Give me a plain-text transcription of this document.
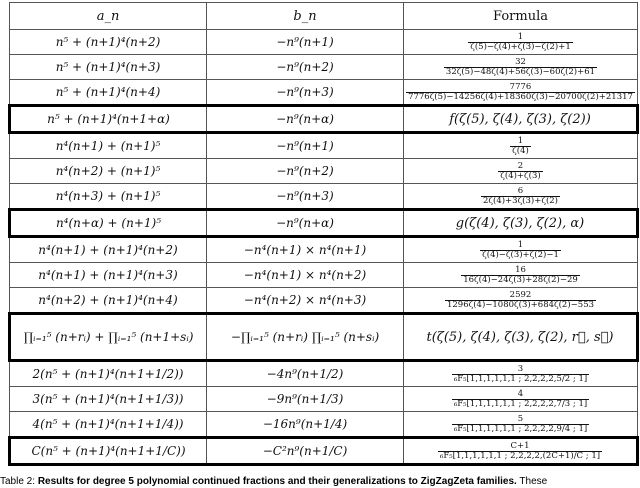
a_n	b_n	Formula
n⁵ + (n+1)⁴(n+2)	−n⁹(n+1)	$\frac{1}{\zeta(5)-\zeta(4)+\zeta(3)-\zeta(2)+1}$

n⁵ + (n+1)⁴(n+3)	−n⁹(n+2)	$\frac{32}{32\zeta(5)-48\zeta(4)+56\zeta(3)-60\zeta(2)+61}$

n⁵ + (n+1)⁴(n+4)	−n⁹(n+3)	$\frac{7776}{7776\zeta(5)-14256\zeta(4)+18360\zeta(3)-20700\zeta(2)+21317}$

n⁵ + (n+1)⁴(n+1+α)	−n⁹(n+α)	f(ζ(5), ζ(4), ζ(3), ζ(2))
n⁴(n+1) + (n+1)⁵	−n⁹(n+1)	$\frac{1}{\zeta(4)}$

n⁴(n+2) + (n+1)⁵	−n⁹(n+2)	$\frac{2}{\zeta(4)+\zeta(3)}$

n⁴(n+3) + (n+1)⁵	−n⁹(n+3)	$\frac{6}{2\zeta(4)+3\zeta(3)+\zeta(2)}$

n⁴(n+α) + (n+1)⁵	−n⁹(n+α)	g(ζ(4), ζ(3), ζ(2), α)
n⁴(n+1) + (n+1)⁴(n+2)	−n⁴(n+1) × n⁴(n+1)	$\frac{1}{\zeta(4)-\zeta(3)+\zeta(2)-1}$

n⁴(n+1) + (n+1)⁴(n+3)	−n⁴(n+1) × n⁴(n+2)	$\frac{16}{16\zeta(4)-24\zeta(3)+28\zeta(2)-29}$

n⁴(n+2) + (n+1)⁴(n+4)	−n⁴(n+2) × n⁴(n+3)	$\frac{2592}{1296\zeta(4)-1080\zeta(3)+684\zeta(2)-553}$

∏ᵢ₌₁⁵ (n+rᵢ) + ∏ᵢ₌₁⁵ (n+1+sᵢ)	−∏ᵢ₌₁⁵ (n+rᵢ) ∏ᵢ₌₁⁵ (n+sᵢ)	t(ζ(5), ζ(4), ζ(3), ζ(2), r⃗, s⃗)
2(n⁵ + (n+1)⁴(n+1+1/2))	−4n⁹(n+1/2)	$\frac{3}{\text{₆F₅[1,1,1,1,1,1 ; 2,2,2,2,5/2 ; 1]}}$

3(n⁵ + (n+1)⁴(n+1+1/3))	−9n⁹(n+1/3)	$\frac{4}{\text{₆F₅[1,1,1,1,1,1 ; 2,2,2,2,7/3 ; 1]}}$

4(n⁵ + (n+1)⁴(n+1+1/4))	−16n⁹(n+1/4)	$\frac{5}{\text{₆F₅[1,1,1,1,1,1 ; 2,2,2,2,9/4 ; 1]}}$

C(n⁵ + (n+1)⁴(n+1+1/C))	−C²n⁹(n+1/C)	$\frac{C+1}{\text{₆F₅[1,1,1,1,1,1 ; 2,2,2,2,(2C+1)/C ; 1]}}$
Table 2: Results for degree 5 polynomial continued fractions and their generalizations to ZigZagZeta families. These
